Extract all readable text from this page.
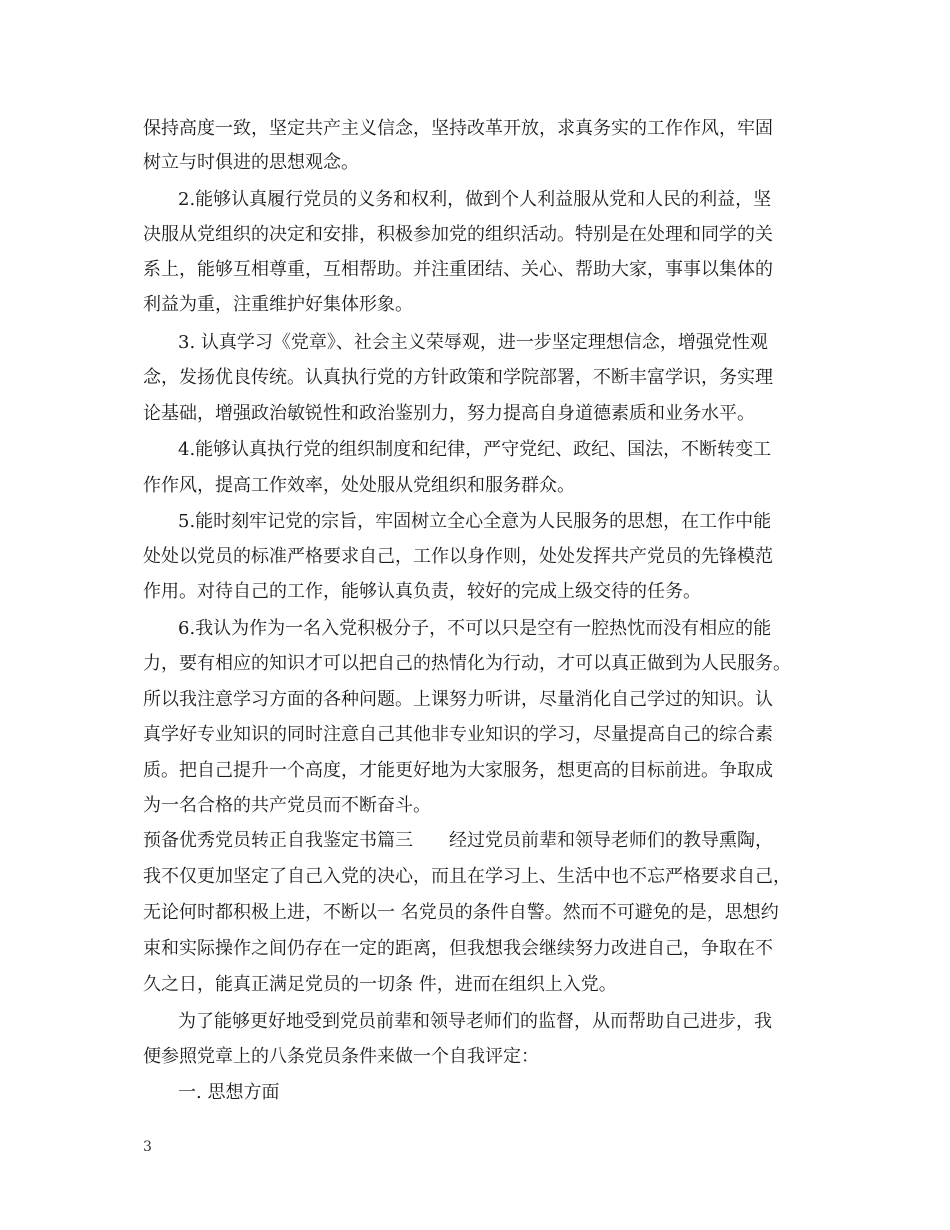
保持高度一致，坚定共产主义信念，坚持改革开放，求真务实的工作作风，牢固
树立与时俱进的思想观念。
2.能够认真履行党员的义务和权利，做到个人利益服从党和人民的利益，坚
决服从党组织的决定和安排，积极参加党的组织活动。特别是在处理和同学的关
系上，能够互相尊重，互相帮助。并注重团结、关心、帮助大家，事事以集体的
利益为重，注重维护好集体形象。
3. 认真学习《党章》、社会主义荣辱观，进一步坚定理想信念，增强党性观
念，发扬优良传统。认真执行党的方针政策和学院部署，不断丰富学识，务实理
论基础，增强政治敏锐性和政治鉴别力，努力提高自身道德素质和业务水平。
4.能够认真执行党的组织制度和纪律，严守党纪、政纪、国法，不断转变工
作作风，提高工作效率，处处服从党组织和服务群众。
5.能时刻牢记党的宗旨，牢固树立全心全意为人民服务的思想，在工作中能
处处以党员的标准严格要求自己，工作以身作则，处处发挥共产党员的先锋模范
作用。对待自己的工作，能够认真负责，较好的完成上级交待的任务。
6.我认为作为一名入党积极分子，不可以只是空有一腔热忱而没有相应的能
力，要有相应的知识才可以把自己的热情化为行动，才可以真正做到为人民服务。
所以我注意学习方面的各种问题。上课努力听讲，尽量消化自己学过的知识。认
真学好专业知识的同时注意自己其他非专业知识的学习，尽量提高自己的综合素
质。把自己提升一个高度，才能更好地为大家服务，想更高的目标前进。争取成
为一名合格的共产党员而不断奋斗。
预备优秀党员转正自我鉴定书篇三　　经过党员前辈和领导老师们的教导熏陶，
我不仅更加坚定了自己入党的决心，而且在学习上、生活中也不忘严格要求自己，
无论何时都积极上进，不断以一 名党员的条件自警。然而不可避免的是，思想约
束和实际操作之间仍存在一定的距离，但我想我会继续努力改进自己，争取在不
久之日，能真正满足党员的一切条 件，进而在组织上入党。
为了能够更好地受到党员前辈和领导老师们的监督，从而帮助自己进步，我
便参照党章上的八条党员条件来做一个自我评定：
一. 思想方面
3
